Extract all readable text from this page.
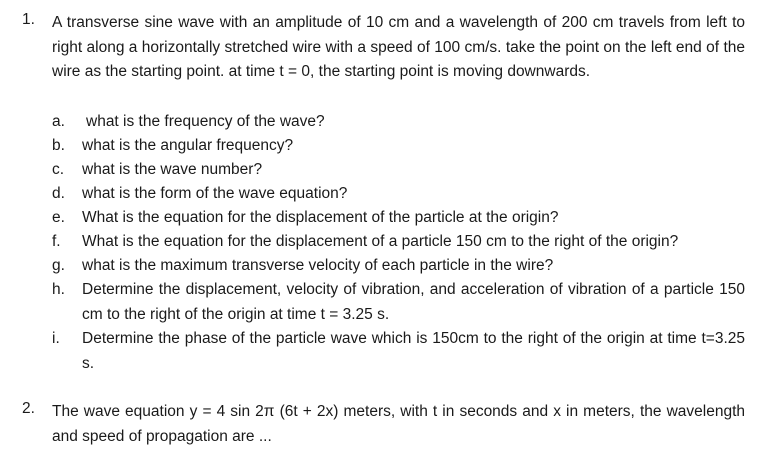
1. A transverse sine wave with an amplitude of 10 cm and a wavelength of 200 cm travels from left to right along a horizontally stretched wire with a speed of 100 cm/s. take the point on the left end of the wire as the starting point. at time t = 0, the starting point is moving downwards.
a. what is the frequency of the wave?
b. what is the angular frequency?
c. what is the wave number?
d. what is the form of the wave equation?
e. What is the equation for the displacement of the particle at the origin?
f. What is the equation for the displacement of a particle 150 cm to the right of the origin?
g. what is the maximum transverse velocity of each particle in the wire?
h. Determine the displacement, velocity of vibration, and acceleration of vibration of a particle 150 cm to the right of the origin at time t = 3.25 s.
i. Determine the phase of the particle wave which is 150cm to the right of the origin at time t=3.25 s.
2. The wave equation y = 4 sin 2π (6t + 2x) meters, with t in seconds and x in meters, the wavelength and speed of propagation are ...
